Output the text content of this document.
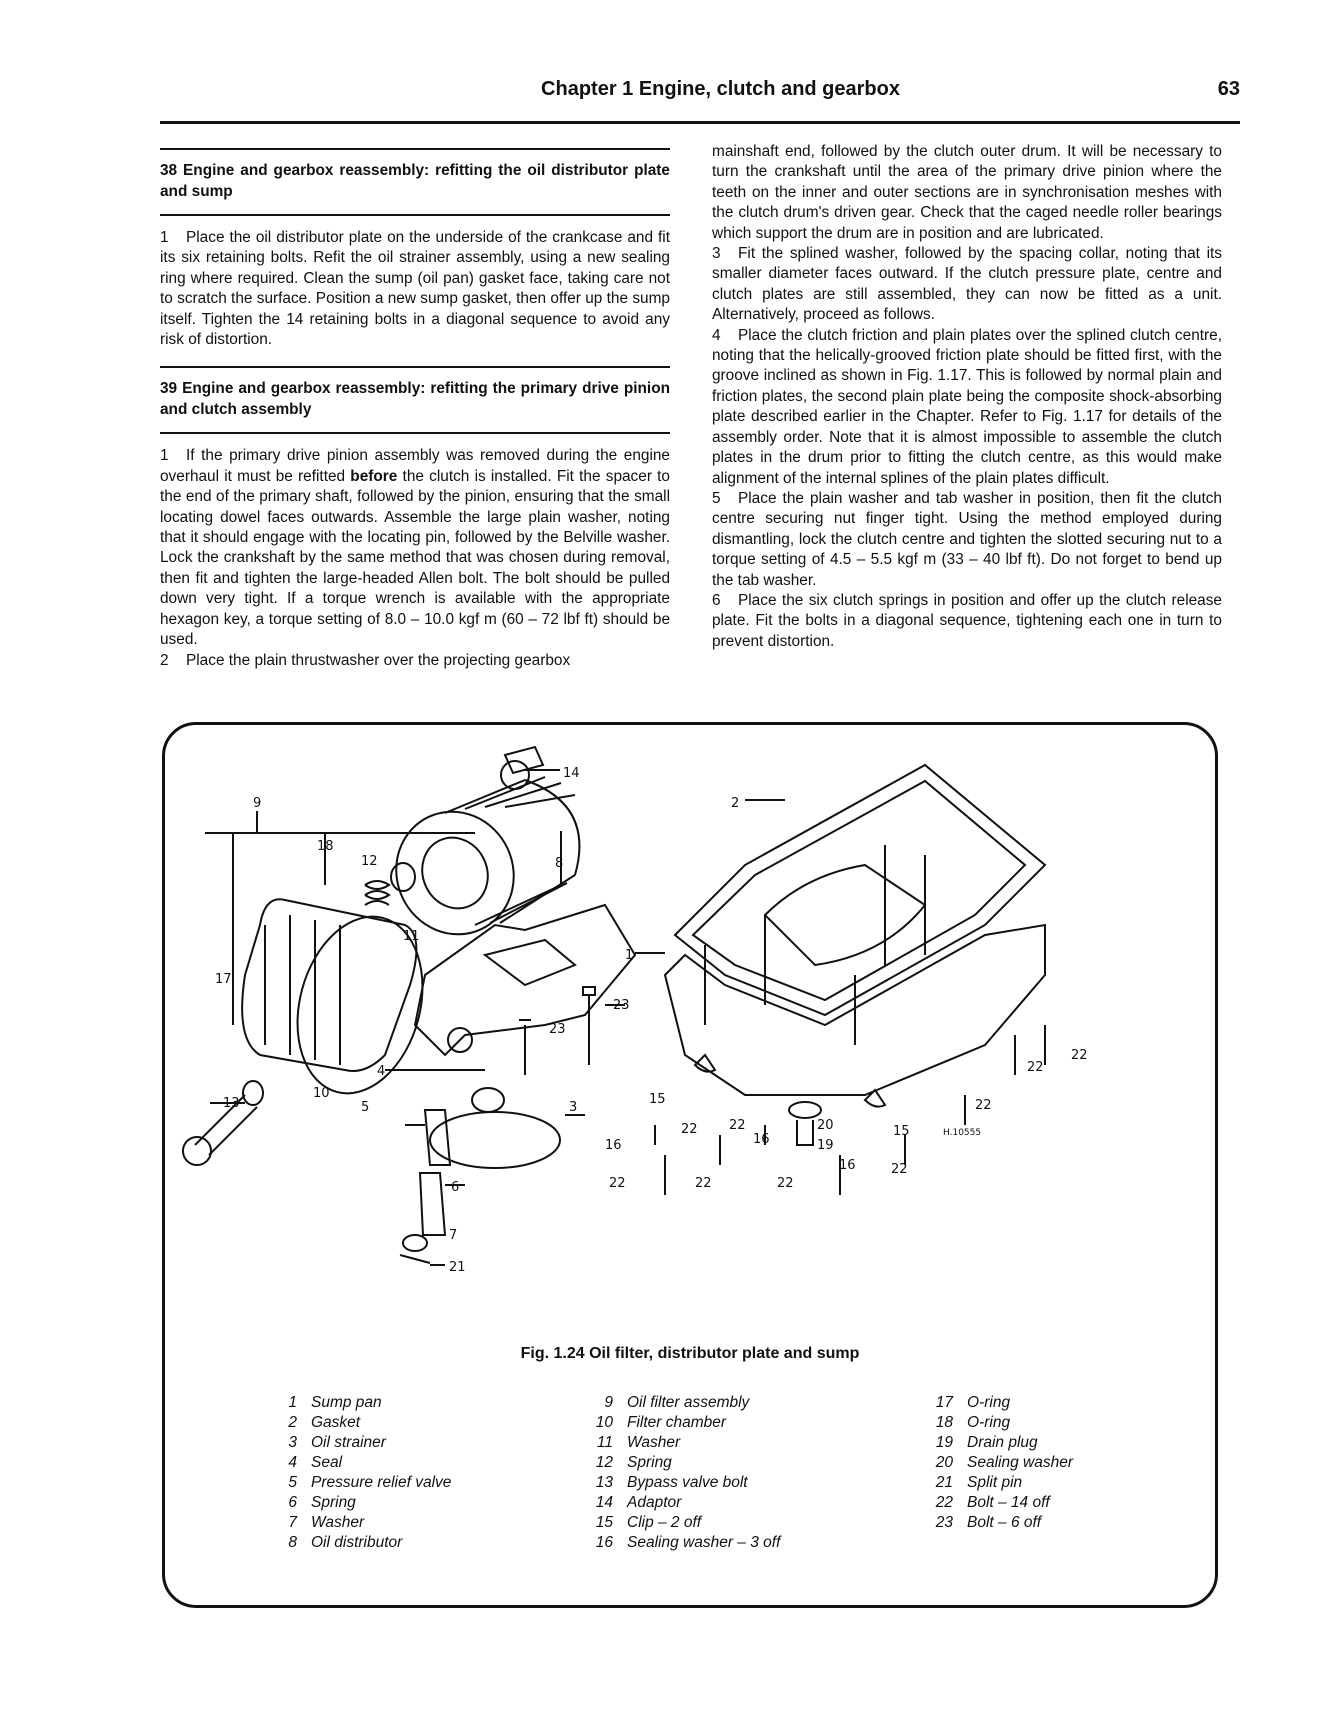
Chapter 1 Engine, clutch and gearbox	63
38 Engine and gearbox reassembly: refitting the oil distributor plate and sump

1 Place the oil distributor plate on the underside of the crankcase and fit its six retaining bolts. Refit the oil strainer assembly, using a new sealing ring where required. Clean the sump (oil pan) gasket face, taking care not to scratch the surface. Position a new sump gasket, then offer up the sump itself. Tighten the 14 retaining bolts in a diagonal sequence to avoid any risk of distortion.

39 Engine and gearbox reassembly: refitting the primary drive pinion and clutch assembly

1 If the primary drive pinion assembly was removed during the engine overhaul it must be refitted before the clutch is installed. Fit the spacer to the end of the primary shaft, followed by the pinion, ensuring that the small locating dowel faces outwards. Assemble the large plain washer, noting that it should engage with the locating pin, followed by the Belville washer. Lock the crankshaft by the same method that was chosen during removal, then fit and tighten the large-headed Allen bolt. The bolt should be pulled down very tight. If a torque wrench is available with the appropriate hexagon key, a torque setting of 8.0 – 10.0 kgf m (60 – 72 lbf ft) should be used.

2 Place the plain thrustwasher over the projecting gearbox

mainshaft end, followed by the clutch outer drum. It will be necessary to turn the crankshaft until the area of the primary drive pinion where the teeth on the inner and outer sections are in synchronisation meshes with the clutch drum's driven gear. Check that the caged needle roller bearings which support the drum are in position and are lubricated.

3 Fit the splined washer, followed by the spacing collar, noting that its smaller diameter faces outward. If the clutch pressure plate, centre and clutch plates are still assembled, they can now be fitted as a unit. Alternatively, proceed as follows.

4 Place the clutch friction and plain plates over the splined clutch centre, noting that the helically-grooved friction plate should be fitted first, with the groove inclined as shown in Fig. 1.17. This is followed by normal plain and friction plates, the second plain plate being the composite shock-absorbing plate described earlier in the Chapter. Refer to Fig. 1.17 for details of the assembly order. Note that it is almost impossible to assemble the clutch plates in the drum prior to fitting the clutch centre, as this would make alignment of the internal splines of the plain plates difficult.

5 Place the plain washer and tab washer in position, then fit the clutch centre securing nut finger tight. Using the method employed during dismantling, lock the clutch centre and tighten the slotted securing nut to a torque setting of 4.5 – 5.5 kgf m (33 – 40 lbf ft). Do not forget to bend up the tab washer.

6 Place the six clutch springs in position and offer up the clutch release plate. Fit the bolts in a diagonal sequence, tightening each one in turn to prevent distortion.

9
14
18
12	8
2
11
17
1
23
23
4
13
10
5	3
22
22
22
15
22 22
16
20	15
19
16	22
16
22	22	22
6
7
21
H.10555
Fig. 1.24 Oil filter, distributor plate and sump
1 Sump pan
2 Gasket
3 Oil strainer
4 Seal
5 Pressure relief valve
6 Spring
7 Washer
8 Oil distributor
9 Oil filter assembly
10 Filter chamber
11 Washer
12 Spring
13 Bypass valve bolt
14 Adaptor
15 Clip – 2 off
16 Sealing washer – 3 off
17 O-ring
18 O-ring
19 Drain plug
20 Sealing washer
21 Split pin
22 Bolt – 14 off
23 Bolt – 6 off
